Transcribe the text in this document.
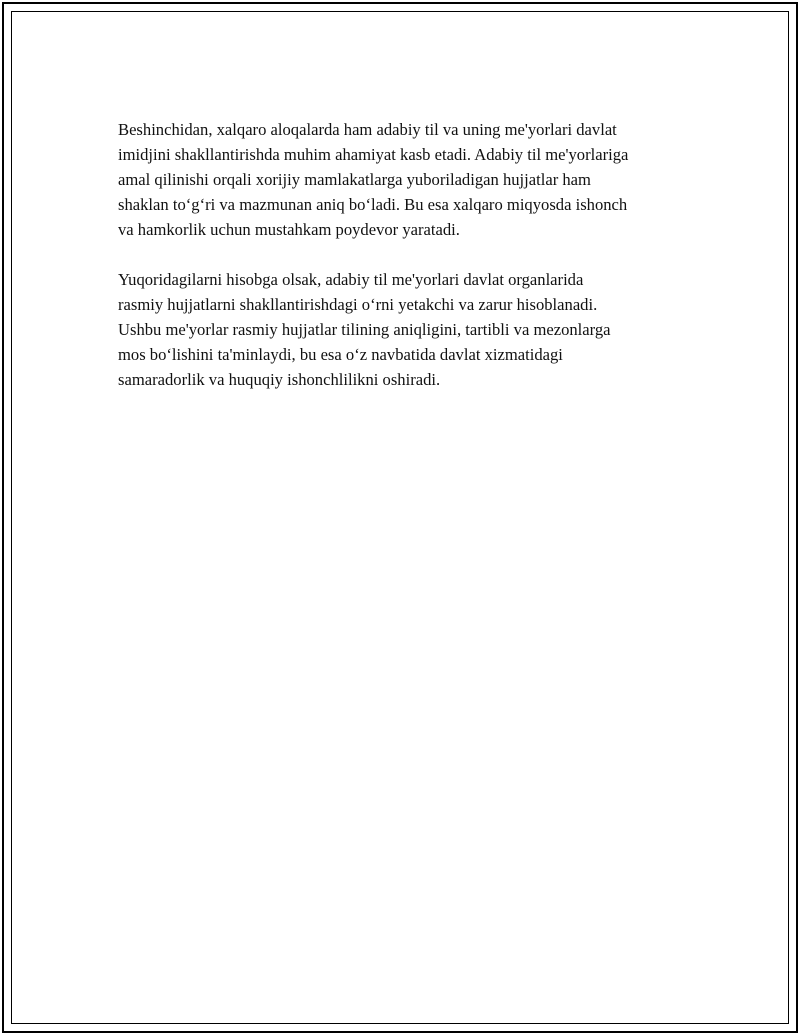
Beshinchidan, xalqaro aloqalarda ham adabiy til va uning me'yorlari davlat
imidjini shakllantirishda muhim ahamiyat kasb etadi. Adabiy til me'yorlariga
amal qilinishi orqali xorijiy mamlakatlarga yuboriladigan hujjatlar ham
shaklan to‘g‘ri va mazmunan aniq bo‘ladi. Bu esa xalqaro miqyosda ishonch
va hamkorlik uchun mustahkam poydevor yaratadi.

Yuqoridagilarni hisobga olsak, adabiy til me'yorlari davlat organlarida
rasmiy hujjatlarni shakllantirishdagi o‘rni yetakchi va zarur hisoblanadi.
Ushbu me'yorlar rasmiy hujjatlar tilining aniqligini, tartibli va mezonlarga
mos bo‘lishini ta'minlaydi, bu esa o‘z navbatida davlat xizmatidagi
samaradorlik va huquqiy ishonchlilikni oshiradi.
